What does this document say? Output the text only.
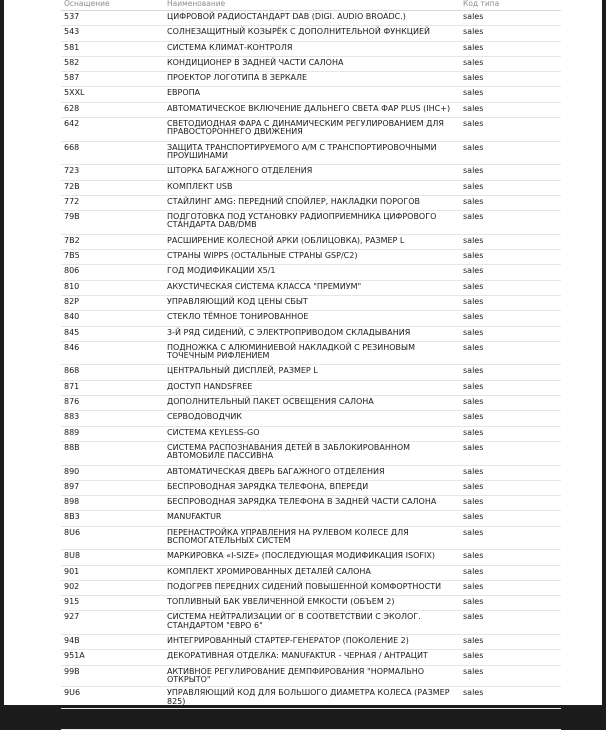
Оснащение	Наименование	Код типа
537	ЦИФРОВОЙ РАДИОСТАНДАРТ DAB (DIGI. AUDIO BROADC.)	sales
543	СОЛНЕЗАЩИТНЫЙ КОЗЫРЁК С ДОПОЛНИТЕЛЬНОЙ ФУНКЦИЕЙ	sales
581	СИСТЕМА КЛИМАТ-КОНТРОЛЯ	sales
582	КОНДИЦИОНЕР В ЗАДНЕЙ ЧАСТИ САЛОНА	sales
587	ПРОЕКТОР ЛОГОТИПА В ЗЕРКАЛЕ	sales
5XXL	ЕВРОПА	sales
628	АВТОМАТИЧЕСКОЕ ВКЛЮЧЕНИЕ ДАЛЬНЕГО СВЕТА ФАР PLUS (IHC+)	sales
642	СВЕТОДИОДНАЯ ФАРА С ДИНАМИЧЕСКИМ РЕГУЛИРОВАНИЕМ ДЛЯ ПРАВОСТОРОННЕГО ДВИЖЕНИЯ	sales
668	ЗАЩИТА ТРАНСПОРТИРУЕМОГО А/М С ТРАНСПОРТИРОВОЧНЫМИ ПРОУШИНАМИ	sales
723	ШТОРКА БАГАЖНОГО ОТДЕЛЕНИЯ	sales
72B	КОМПЛЕКТ USB	sales
772	СТАЙЛИНГ AMG: ПЕРЕДНИЙ СПОЙЛЕР, НАКЛАДКИ ПОРОГОВ	sales
79B	ПОДГОТОВКА ПОД УСТАНОВКУ РАДИОПРИЕМНИКА ЦИФРОВОГО СТАНДАРТА DAB/DMB	sales
7B2	РАСШИРЕНИЕ КОЛЕСНОЙ АРКИ (ОБЛИЦОВКА), РАЗМЕР L	sales
7B5	СТРАНЫ WIPPS (ОСТАЛЬНЫЕ СТРАНЫ GSP/C2)	sales
806	ГОД МОДИФИКАЦИИ X5/1	sales
810	АКУСТИЧЕСКАЯ СИСТЕМА КЛАССА "ПРЕМИУМ"	sales
82P	УПРАВЛЯЮЩИЙ КОД ЦЕНЫ СБЫТ	sales
840	СТЕКЛО ТЁМНОЕ ТОНИРОВАННОЕ	sales
845	3-Й РЯД СИДЕНИЙ, С ЭЛЕКТРОПРИВОДОМ СКЛАДЫВАНИЯ	sales
846	ПОДНОЖКА С АЛЮМИНИЕВОЙ НАКЛАДКОЙ С РЕЗИНОВЫМ ТОЧЕЧНЫМ РИФЛЕНИЕМ	sales
868	ЦЕНТРАЛЬНЫЙ ДИСПЛЕЙ, РАЗМЕР L	sales
871	ДОСТУП HANDSFREE	sales
876	ДОПОЛНИТЕЛЬНЫЙ ПАКЕТ ОСВЕЩЕНИЯ САЛОНА	sales
883	СЕРВОДОВОДЧИК	sales
889	СИСТЕМА KEYLESS-GO	sales
88B	СИСТЕМА РАСПОЗНАВАНИЯ ДЕТЕЙ В ЗАБЛОКИРОВАННОМ АВТОМОБИЛЕ ПАССИВНА	sales
890	АВТОМАТИЧЕСКАЯ ДВЕРЬ БАГАЖНОГО ОТДЕЛЕНИЯ	sales
897	БЕСПРОВОДНАЯ ЗАРЯДКА ТЕЛЕФОНА, ВПЕРЕДИ	sales
898	БЕСПРОВОДНАЯ ЗАРЯДКА ТЕЛЕФОНА В ЗАДНЕЙ ЧАСТИ САЛОНА	sales
8B3	MANUFAKTUR	sales
8U6	ПЕРЕНАСТРОЙКА УПРАВЛЕНИЯ НА РУЛЕВОМ КОЛЕСЕ ДЛЯ ВСПОМОГАТЕЛЬНЫХ СИСТЕМ	sales
8U8	МАРКИРОВКА «I-SIZE» (ПОСЛЕДУЮЩАЯ МОДИФИКАЦИЯ ISOFIX)	sales
901	КОМПЛЕКТ ХРОМИРОВАННЫХ ДЕТАЛЕЙ САЛОНА	sales
902	ПОДОГРЕВ ПЕРЕДНИХ СИДЕНИЙ ПОВЫШЕННОЙ КОМФОРТНОСТИ	sales
915	ТОПЛИВНЫЙ БАК УВЕЛИЧЕННОЙ ЕМКОСТИ (ОБЪЕМ 2)	sales
927	СИСТЕМА НЕЙТРАЛИЗАЦИИ ОГ В СООТВЕТСТВИИ С ЭКОЛОГ. СТАНДАРТОМ "ЕВРО 6"	sales
94B	ИНТЕГРИРОВАННЫЙ СТАРТЕР-ГЕНЕРАТОР (ПОКОЛЕНИЕ 2)	sales
951A	ДЕКОРАТИВНАЯ ОТДЕЛКА: MANUFAKTUR - ЧЕРНАЯ / АНТРАЦИТ	sales
99B	АКТИВНОЕ РЕГУЛИРОВАНИЕ ДЕМПФИРОВАНИЯ "НОРМАЛЬНО ОТКРЫТО"	sales
9U6	УПРАВЛЯЮЩИЙ КОД ДЛЯ БОЛЬШОГО ДИАМЕТРА КОЛЕСА (РАЗМЕР 825)	sales
9U8	УПРАВЛЯЮЩИЙ КОД, ТЕХН.ОПТИМИЗАЦИЯ ДВИГАТЕЛЯ/РЕСТАЙЛИНГ	sales
